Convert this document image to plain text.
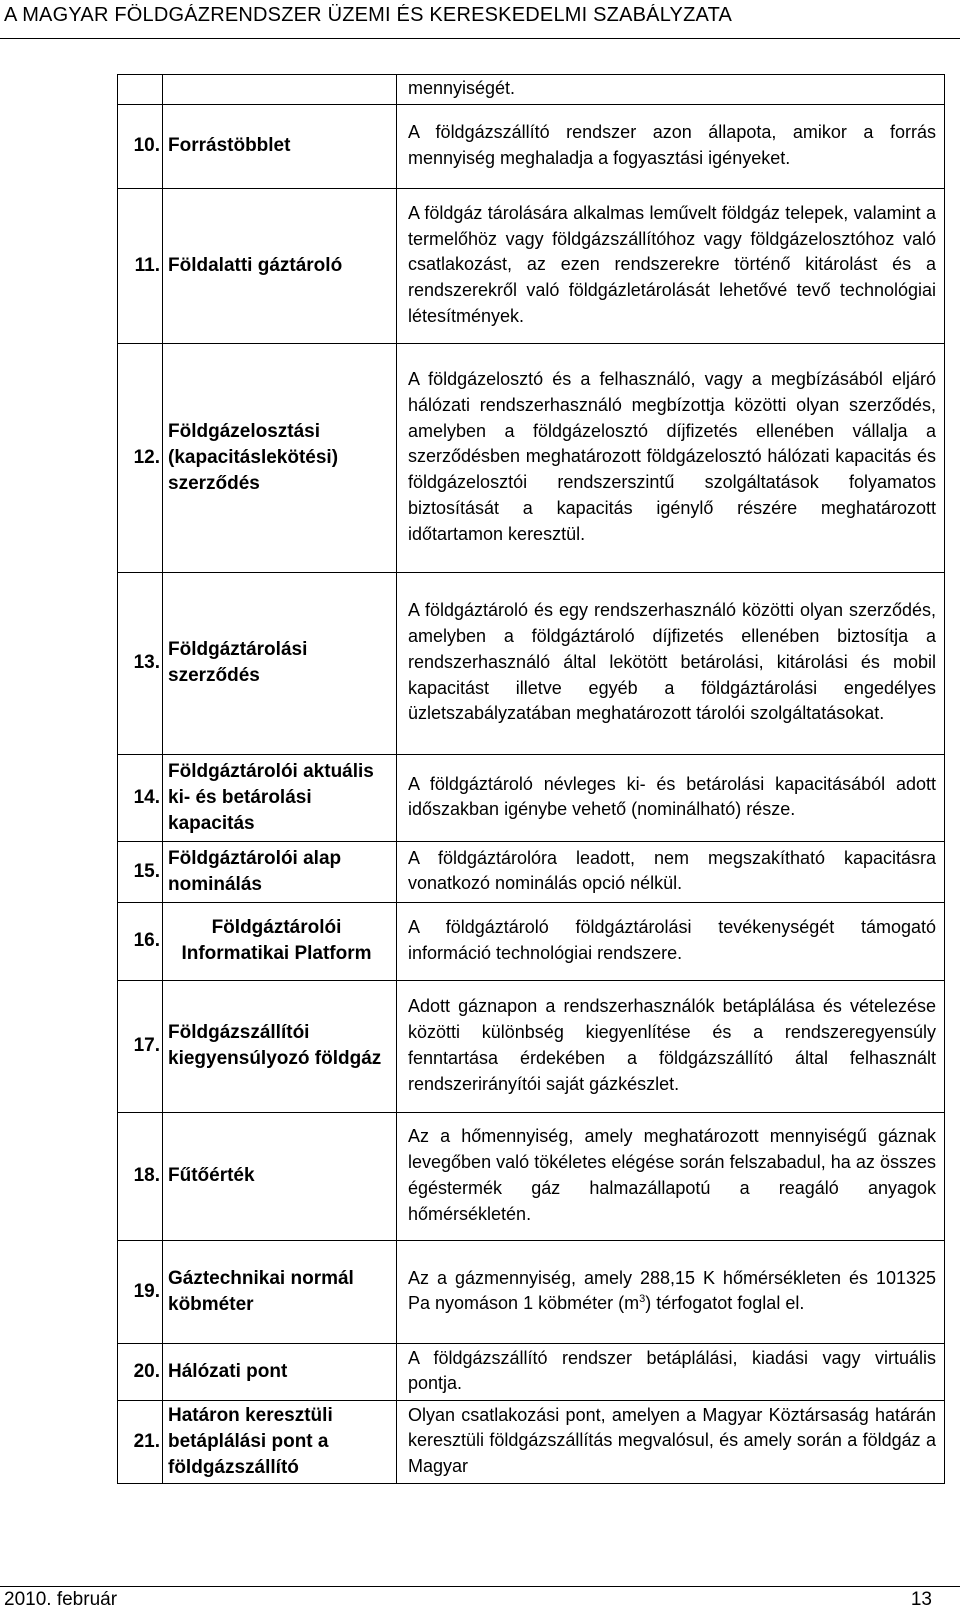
A MAGYAR FÖLDGÁZRENDSZER ÜZEMI ÉS KERESKEDELMI SZABÁLYZATA
		mennyiségét.
10.	Forrástöbblet	A földgázszállító rendszer azon állapota, amikor a forrás mennyiség meghaladja a fogyasztási igényeket.
11.	Földalatti gáztároló	A földgáz tárolására alkalmas leművelt földgáz telepek, valamint a termelőhöz vagy földgázszállítóhoz vagy földgázelosztóhoz való csatlakozást, az ezen rendszerekre történő kitárolást és a rendszerekről való földgázletárolását lehetővé tevő technológiai létesítmények.
12.	Földgázelosztási (kapacitáslekötési) szerződés	A földgázelosztó és a felhasználó, vagy a megbízásából eljáró hálózati rendszerhasználó megbízottja közötti olyan szerződés, amelyben a földgázelosztó díjfizetés ellenében vállalja a szerződésben meghatározott földgázelosztó hálózati kapacitás és földgázelosztói rendszerszintű szolgáltatások folyamatos biztosítását a kapacitás igénylő részére meghatározott időtartamon keresztül.
13.	Földgáztárolási szerződés	A földgáztároló és egy rendszerhasználó közötti olyan szerződés, amelyben a földgáztároló díjfizetés ellenében biztosítja a rendszerhasználó által lekötött betárolási, kitárolási és mobil kapacitást illetve egyéb a földgáztárolási engedélyes üzletszabályzatában meghatározott tárolói szolgáltatásokat.
14.	Földgáztárolói aktuális ki- és betárolási kapacitás	A földgáztároló névleges ki- és betárolási kapacitásából adott időszakban igénybe vehető (nominálható) része.
15.	Földgáztárolói alap nominálás	A földgáztárolóra leadott, nem megszakítható kapacitásra vonatkozó nominálás opció nélkül.
16.	Földgáztárolói Informatikai Platform	A földgáztároló földgáztárolási tevékenységét támogató információ technológiai rendszere.
17.	Földgázszállítói kiegyensúlyozó földgáz	Adott gáznapon a rendszerhasználók betáplálása és vételezése közötti különbség kiegyenlítése és a rendszeregyensúly fenntartása érdekében a földgázszállító által felhasznált rendszerirányítói saját gázkészlet.
18.	Fűtőérték	Az a hőmennyiség, amely meghatározott mennyiségű gáznak levegőben való tökéletes elégése során felszabadul, ha az összes égéstermék gáz halmazállapotú a reagáló anyagok hőmérsékletén.
19.	Gáztechnikai normál köbméter	Az a gázmennyiség, amely 288,15 K hőmérsékleten és 101325 Pa nyomáson 1 köbméter $(m^3)$ térfogatot foglal el.
20.	Hálózati pont	A földgázszállító rendszer betáplálási, kiadási vagy virtuális pontja.
21.	Határon keresztüli betáplálási pont a földgázszállító	Olyan csatlakozási pont, amelyen a Magyar Köztársaság határán keresztüli földgázszállítás megvalósul, és amely során a földgáz a Magyar
2010. február	13
